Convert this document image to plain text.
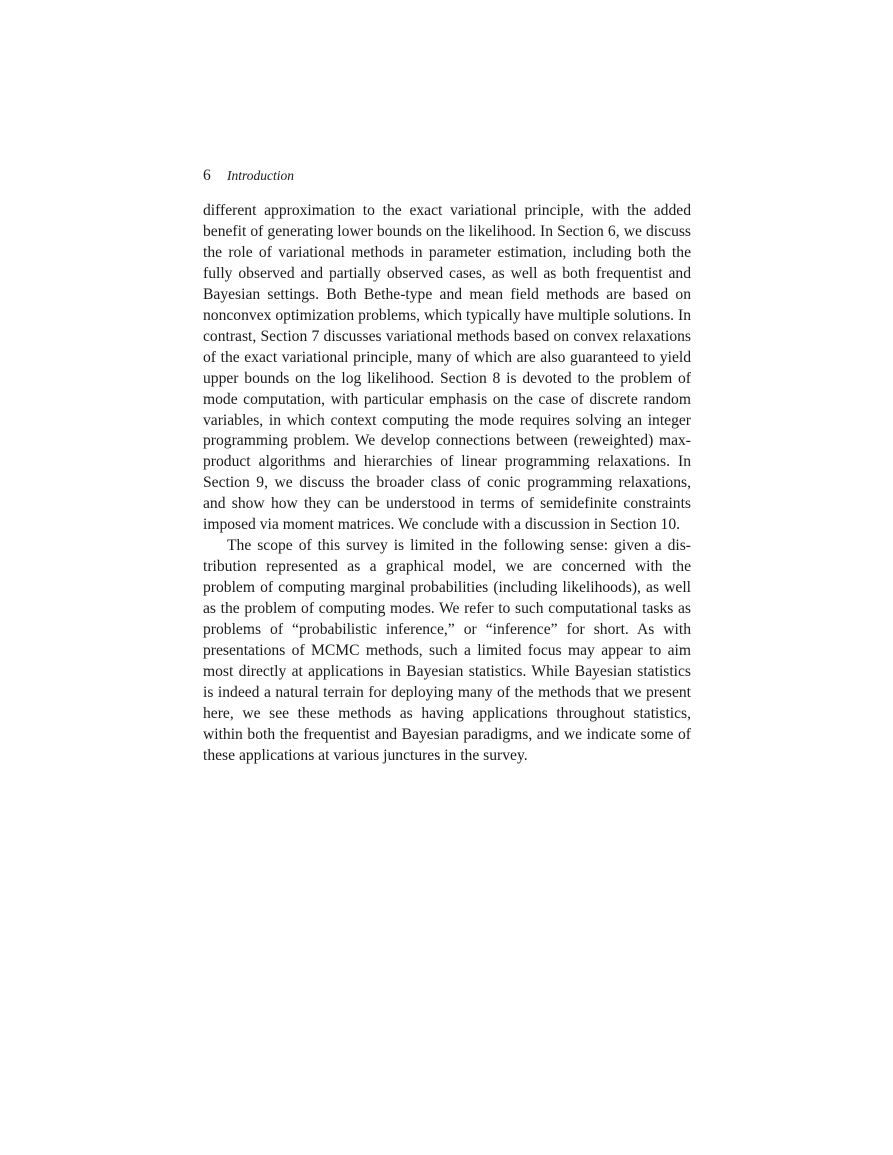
6 Introduction

different approximation to the exact variational principle, with the added benefit of generating lower bounds on the likelihood. In Section 6, we discuss the role of variational methods in parameter estimation, including both the fully observed and partially observed cases, as well as both frequentist and Bayesian settings. Both Bethe-type and mean field methods are based on nonconvex optimization problems, which typically have multiple solutions. In contrast, Section 7 discusses variational methods based on convex relaxations of the exact variational principle, many of which are also guaranteed to yield upper bounds on the log likelihood. Section 8 is devoted to the problem of mode computation, with particular emphasis on the case of discrete random variables, in which context computing the mode requires solving an integer programming problem. We develop connections between (reweighted) max-product algorithms and hierarchies of linear programming relaxations. In Section 9, we discuss the broader class of conic programming relaxations, and show how they can be understood in terms of semidefinite constraints imposed via moment matrices. We conclude with a discussion in Section 10.

The scope of this survey is limited in the following sense: given a distribution represented as a graphical model, we are concerned with the problem of computing marginal probabilities (including likelihoods), as well as the problem of computing modes. We refer to such computational tasks as problems of “probabilistic inference,” or “inference” for short. As with presentations of MCMC methods, such a limited focus may appear to aim most directly at applications in Bayesian statistics. While Bayesian statistics is indeed a natural terrain for deploying many of the methods that we present here, we see these methods as having applications throughout statistics, within both the frequentist and Bayesian paradigms, and we indicate some of these applications at various junctures in the survey.
